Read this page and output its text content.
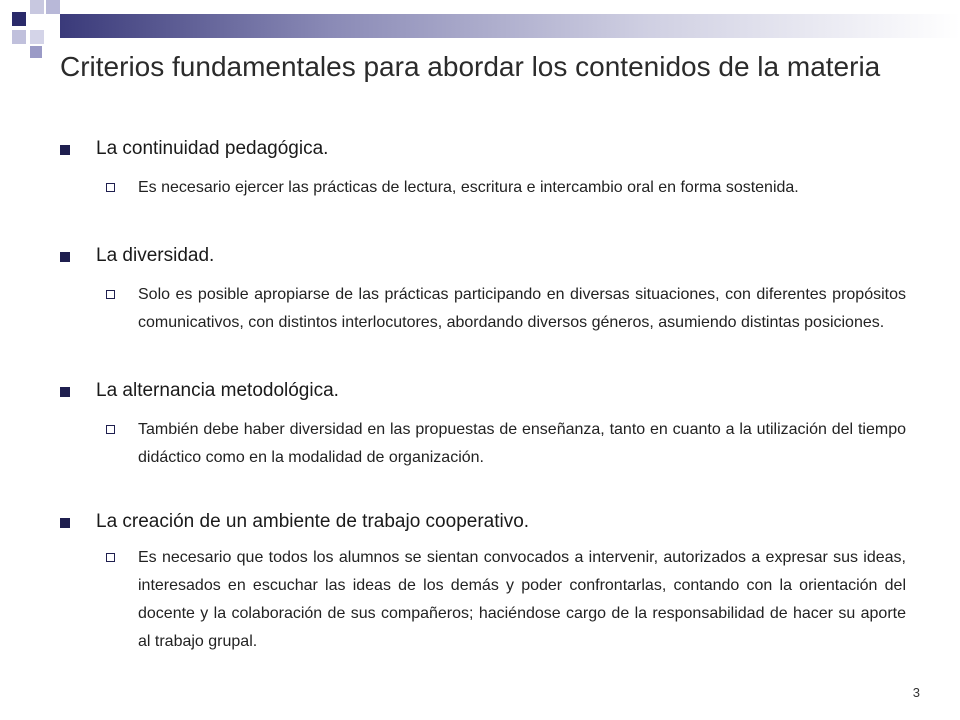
Criterios fundamentales para abordar los contenidos de la materia
La continuidad pedagógica.
Es necesario ejercer las prácticas de lectura, escritura e intercambio oral en forma sostenida.
La diversidad.
Solo es posible apropiarse de las prácticas participando en diversas situaciones, con diferentes propósitos comunicativos, con distintos interlocutores, abordando diversos géneros, asumiendo distintas posiciones.
La alternancia metodológica.
También debe haber diversidad en las propuestas de enseñanza, tanto en cuanto a la utilización del tiempo didáctico como en la modalidad de organización.
La creación de un ambiente de trabajo cooperativo.
Es necesario que todos los alumnos se sientan convocados a intervenir, autorizados a expresar sus ideas, interesados en escuchar las ideas de los demás y poder confrontarlas, contando con la orientación del docente y la colaboración de sus compañeros; haciéndose cargo de la responsabilidad de hacer su aporte al trabajo grupal.
3
